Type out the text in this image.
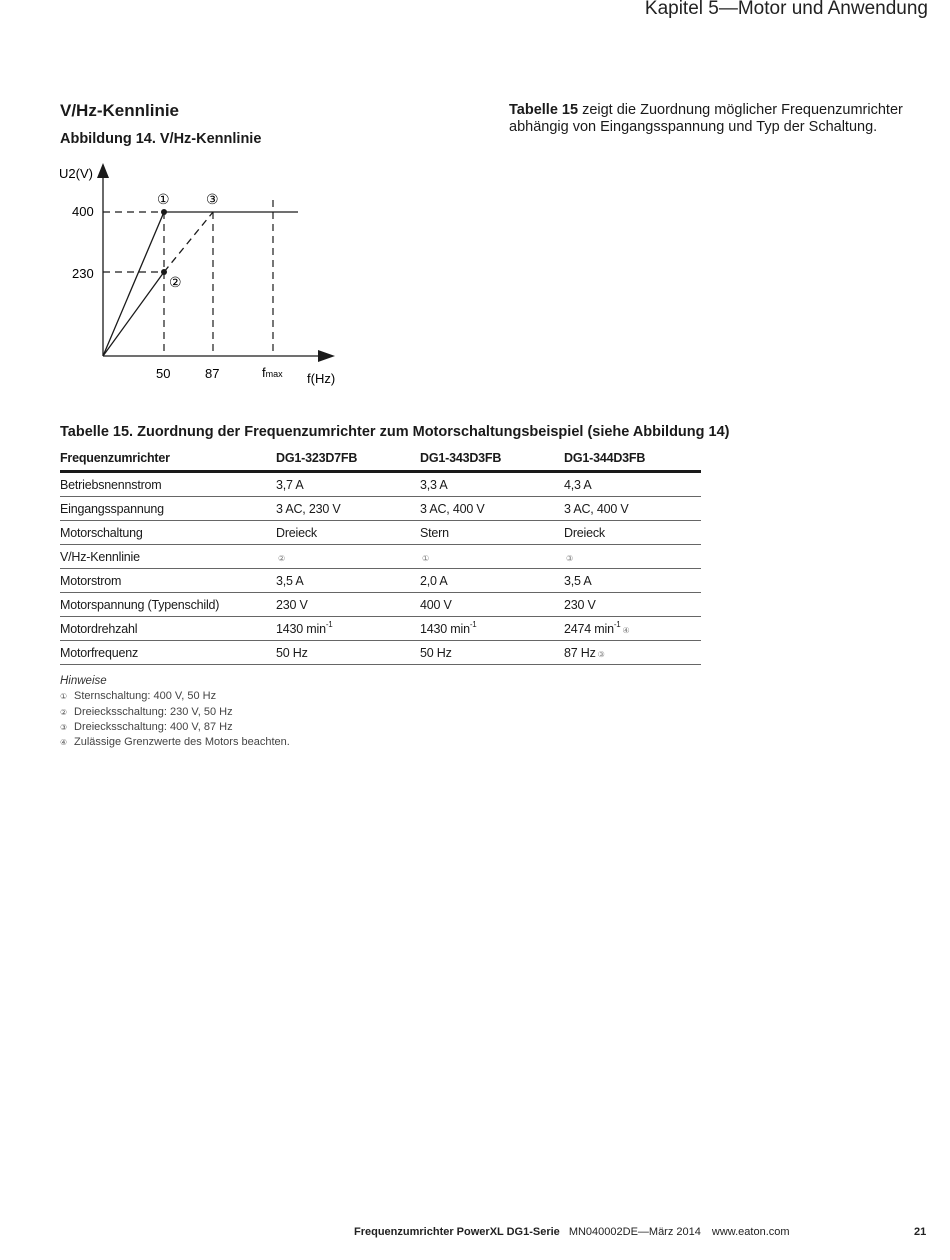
Kapitel 5—Motor und Anwendung
V/Hz-Kennlinie
Abbildung 14. V/Hz-Kennlinie
Tabelle 15 zeigt die Zuordnung möglicher Frequenzumrichter abhängig von Eingangsspannung und Typ der Schaltung.
U2(V)
f(Hz)
400
230
50	87	fmax
①	③
②
Tabelle 15. Zuordnung der Frequenzumrichter zum Motorschaltungsbeispiel (siehe Abbildung 14)
Frequenzumrichter	DG1-323D7FB	DG1-343D3FB	DG1-344D3FB
Betriebsnennstrom	3,7 A	3,3 A	4,3 A
Eingangsspannung	3 AC, 230 V	3 AC, 400 V	3 AC, 400 V
Motorschaltung	Dreieck	Stern	Dreieck
V/Hz-Kennlinie	②	①	③
Motorstrom	3,5 A	2,0 A	3,5 A
Motorspannung (Typenschild)	230 V	400 V	230 V
Motordrehzahl	1430 $\min^{-1}$	1430 $\min^{-1}$	2474 $\min^{-1}④$
Motorfrequenz	50 Hz	50 Hz	87 Hz ③
Hinweise
① Sternschaltung: 400 V, 50 Hz
② Dreiecksschaltung: 230 V, 50 Hz
③ Dreiecksschaltung: 400 V, 87 Hz
④ Zulässige Grenzwerte des Motors beachten.
Frequenzumrichter PowerXL DG1-Serie MN040002DE—März 2014 www.eaton.com	21
